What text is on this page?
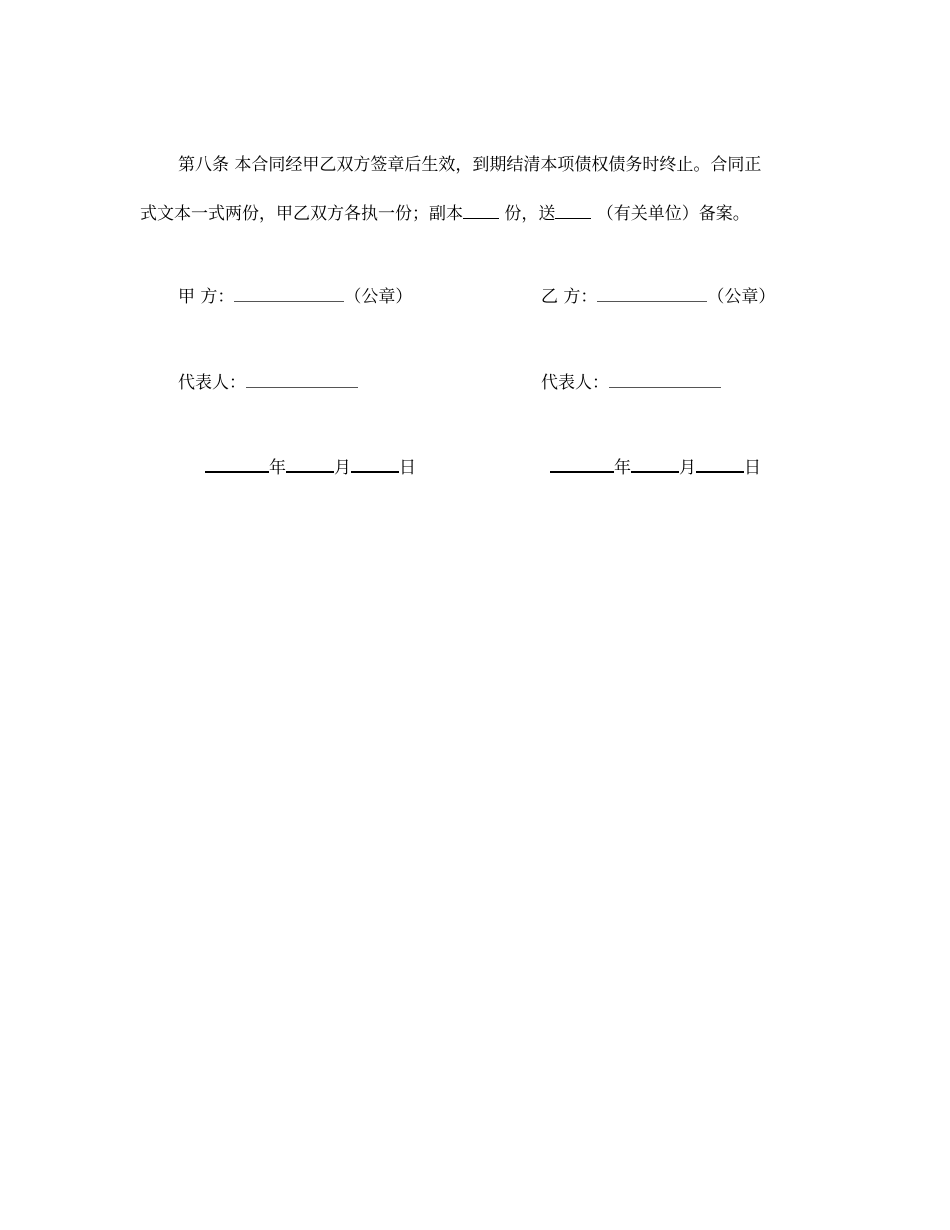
第八条 本合同经甲乙双方签章后生效，到期结清本项债权债务时终止。合同正
式文本一式两份，甲乙双方各执一份；副本 份，送 （有关单位）备案。
甲 方：	（公章）	乙 方：	（公章）
代表人：	代表人：
年	月	日	年	月	日
